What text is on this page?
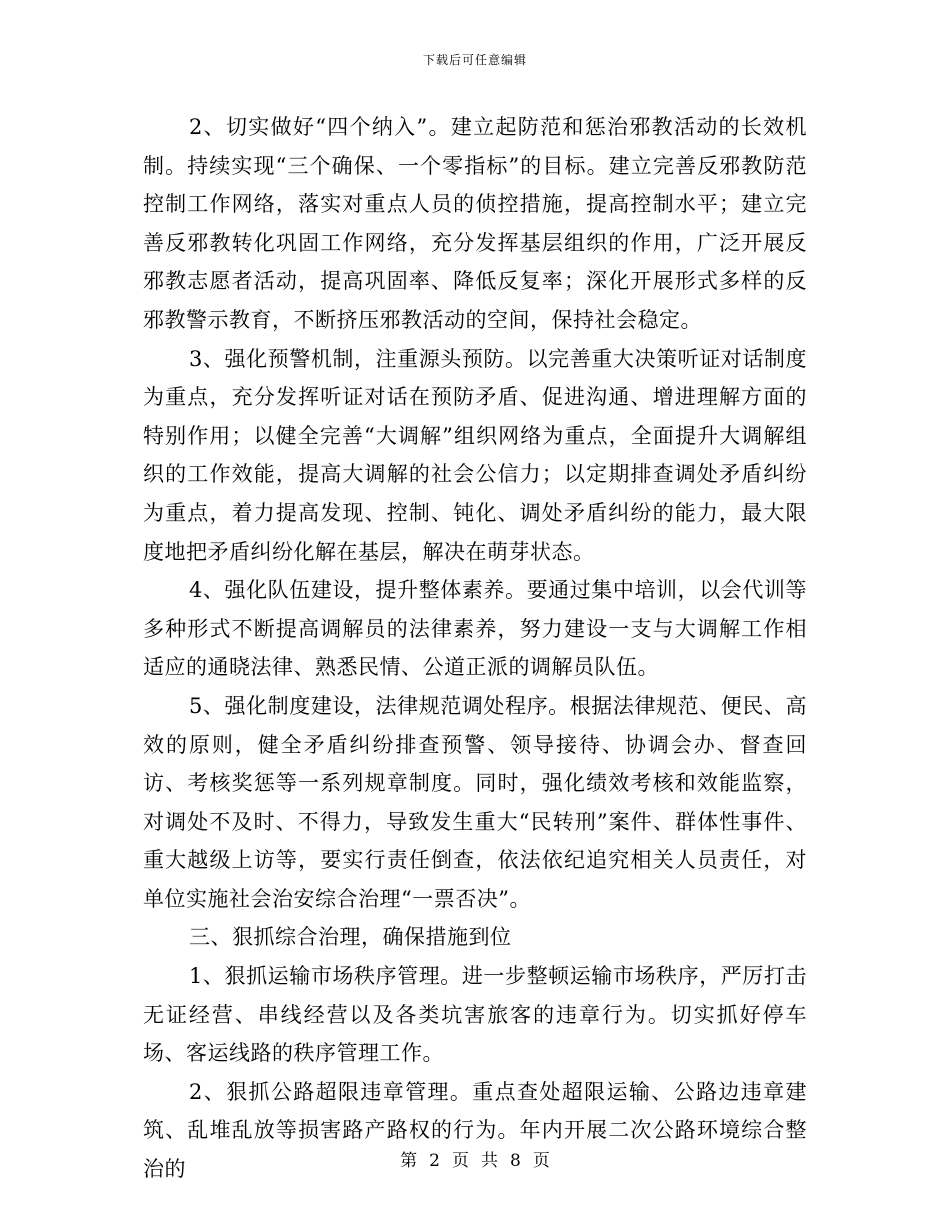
下载后可任意编辑

2、切实做好“四个纳入”。建立起防范和惩治邪教活动的长效机制。持续实现“三个确保、一个零指标”的目标。建立完善反邪教防范控制工作网络，落实对重点人员的侦控措施，提高控制水平；建立完善反邪教转化巩固工作网络，充分发挥基层组织的作用，广泛开展反邪教志愿者活动，提高巩固率、降低反复率；深化开展形式多样的反邪教警示教育，不断挤压邪教活动的空间，保持社会稳定。

3、强化预警机制，注重源头预防。以完善重大决策听证对话制度为重点，充分发挥听证对话在预防矛盾、促进沟通、增进理解方面的特别作用；以健全完善“大调解”组织网络为重点，全面提升大调解组织的工作效能，提高大调解的社会公信力；以定期排查调处矛盾纠纷为重点，着力提高发现、控制、钝化、调处矛盾纠纷的能力，最大限度地把矛盾纠纷化解在基层，解决在萌芽状态。

4、强化队伍建设，提升整体素养。要通过集中培训，以会代训等多种形式不断提高调解员的法律素养，努力建设一支与大调解工作相适应的通晓法律、熟悉民情、公道正派的调解员队伍。

5、强化制度建设，法律规范调处程序。根据法律规范、便民、高效的原则，健全矛盾纠纷排查预警、领导接待、协调会办、督查回访、考核奖惩等一系列规章制度。同时，强化绩效考核和效能监察，对调处不及时、不得力，导致发生重大“民转刑”案件、群体性事件、重大越级上访等，要实行责任倒查，依法依纪追究相关人员责任，对单位实施社会治安综合治理“一票否决”。

三、狠抓综合治理，确保措施到位

1、狠抓运输市场秩序管理。进一步整顿运输市场秩序，严厉打击无证经营、串线经营以及各类坑害旅客的违章行为。切实抓好停车场、客运线路的秩序管理工作。

2、狠抓公路超限违章管理。重点查处超限运输、公路边违章建筑、乱堆乱放等损害路产路权的行为。年内开展二次公路环境综合整治的	第 2 页 共 8 页
